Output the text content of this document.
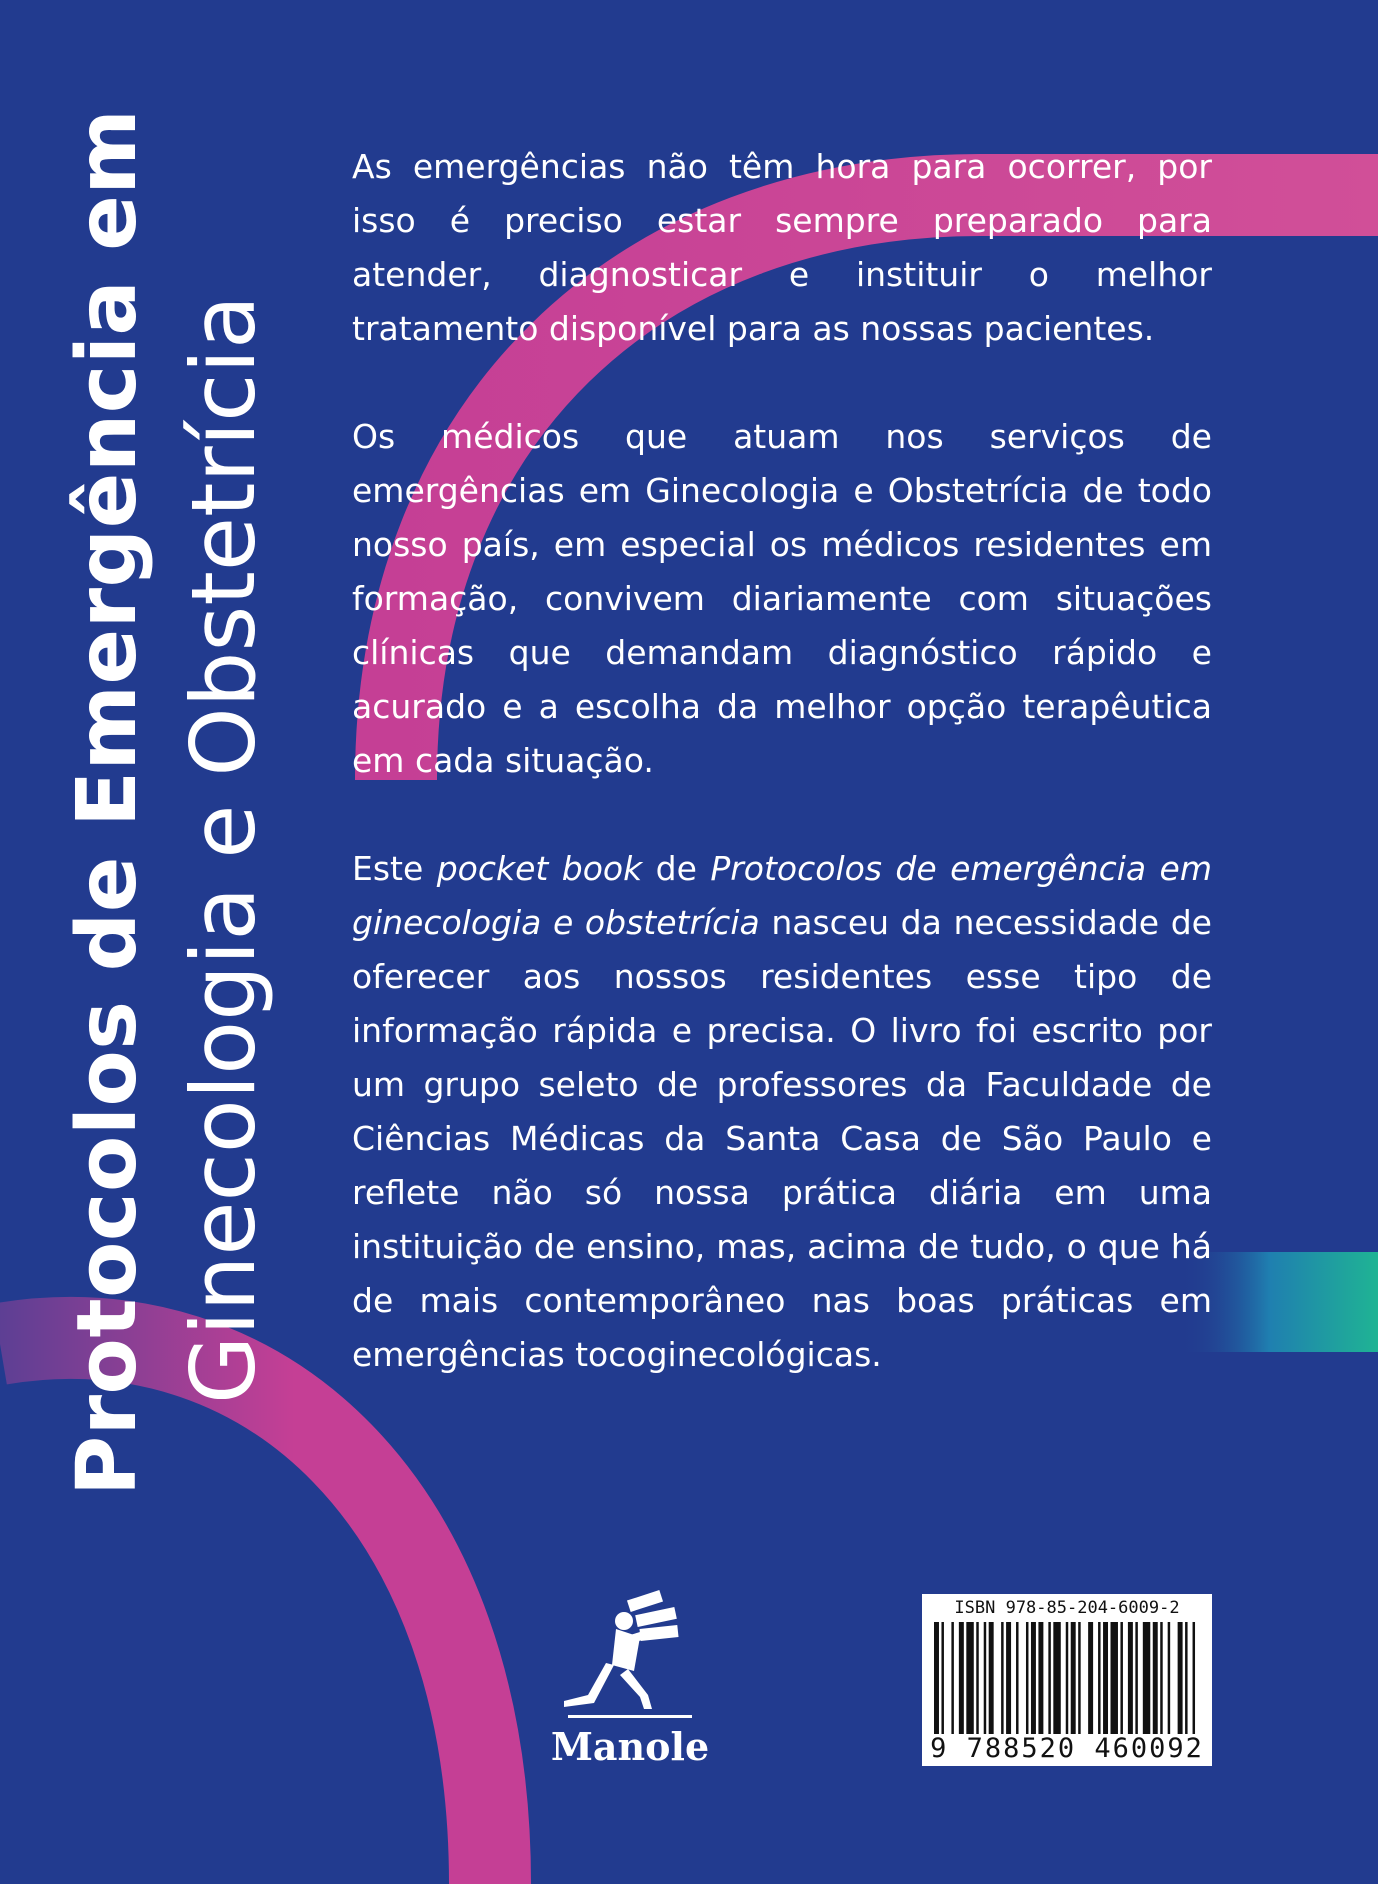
Protocolos de Emergência em Ginecologia e Obstetrícia

As emergências não têm hora para ocorrer, por isso é preciso estar sempre preparado para atender, diagnosticar e instituir o melhor tratamento disponível para as nossas pacientes.

Os médicos que atuam nos serviços de emergências em Ginecologia e Obstetrícia de todo nosso país, em especial os médicos residentes em formação, convivem diariamente com situações clínicas que demandam diagnóstico rápido e acurado e a escolha da melhor opção terapêutica em cada situação.

Este pocket book de Protocolos de emergência em ginecologia e obstetrícia nasceu da necessidade de oferecer aos nossos residentes esse tipo de informação rápida e precisa. O livro foi escrito por um grupo seleto de professores da Faculdade de Ciências Médicas da Santa Casa de São Paulo e reflete não só nossa prática diária em uma instituição de ensino, mas, acima de tudo, o que há de mais contemporâneo nas boas práticas em emergências tocoginecológicas.

Manole
ISBN 978-85-204-6009-2
9 788520 460092
